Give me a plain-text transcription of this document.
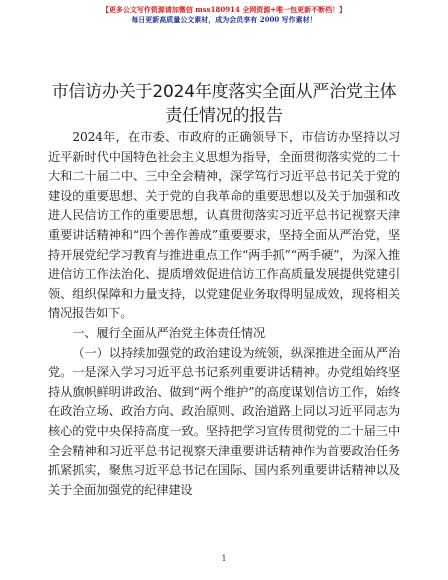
【更多公文写作资源请加微信 mss180914 全网资源+唯一包更新不断档！】
每日更新高质量公文素材，成为会员享有 2000 写作素材！
市信访办关于2024年度落实全面从严治党主体责任情况的报告

2024年，在市委、市政府的正确领导下，市信访办坚持以习近平新时代中国特色社会主义思想为指导，全面贯彻落实党的二十大和二十届二中、三中全会精神，深学笃行习近平总书记关于党的建设的重要思想、关于党的自我革命的重要思想以及关于加强和改进人民信访工作的重要思想，认真贯彻落实习近平总书记视察天津重要讲话精神和“四个善作善成”重要要求，坚持全面从严治党，坚持开展党纪学习教育与推进重点工作“两手抓”“两手硬”，为深入推进信访工作法治化、提质增效促进信访工作高质量发展提供党建引领、组织保障和力量支持，以党建促业务取得明显成效，现将相关情况报告如下。

一、履行全面从严治党主体责任情况

（一）以持续加强党的政治建设为统领，纵深推进全面从严治党。一是深入学习习近平总书记系列重要讲话精神。办党组始终坚持从旗帜鲜明讲政治、做到“两个维护”的高度谋划信访工作，始终在政治立场、政治方向、政治原则、政治道路上同以习近平同志为核心的党中央保持高度一致。坚持把学习宣传贯彻党的二十届三中全会精神和习近平总书记视察天津重要讲话精神作为首要政治任务抓紧抓实，聚焦习近平总书记在国际、国内系列重要讲话精神以及关于全面加强党的纪律建设

1
